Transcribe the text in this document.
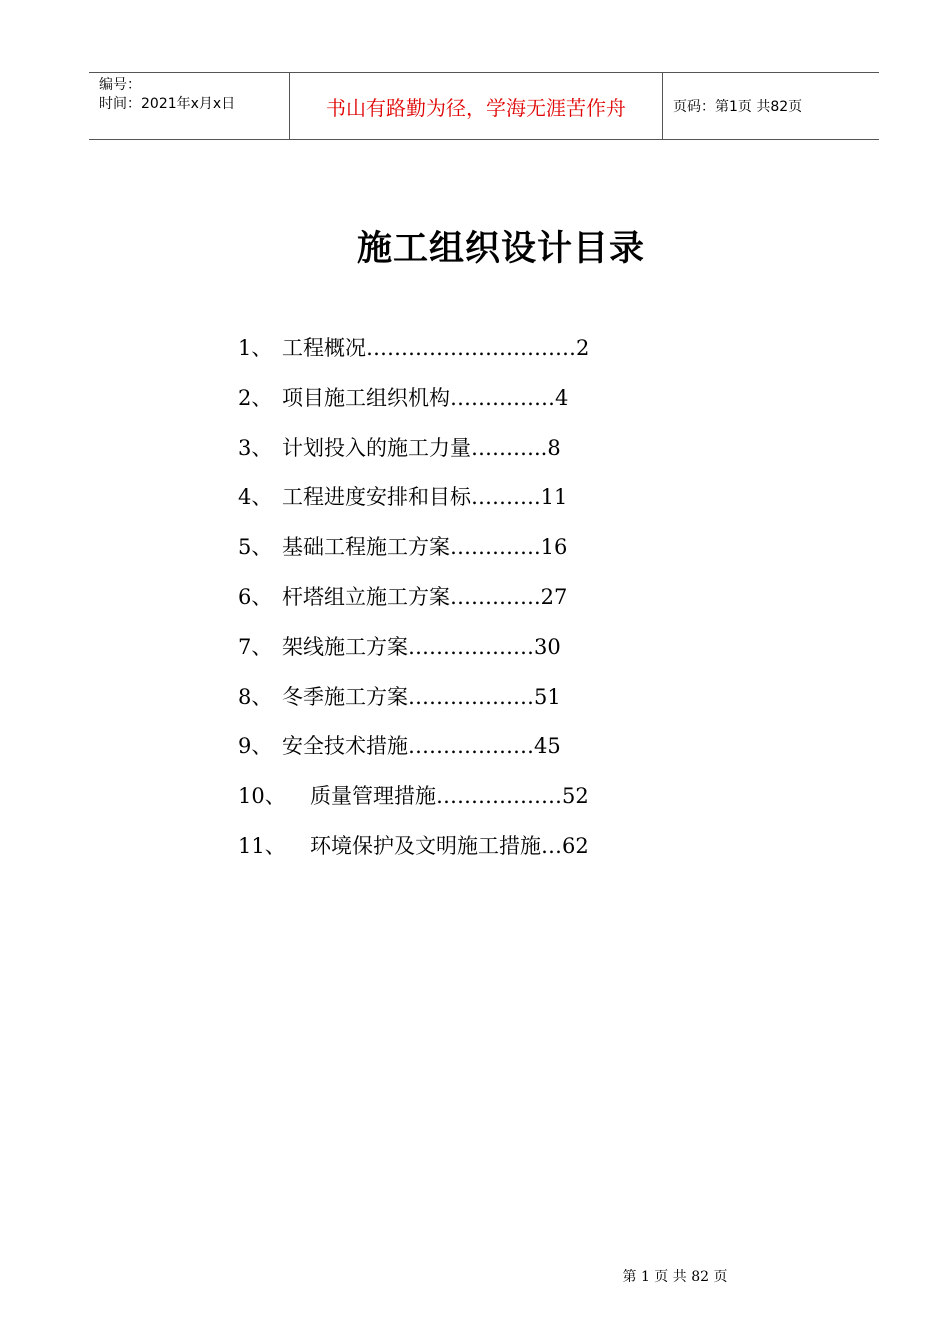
编号：
时间：2021年x月x日	书山有路勤为径，学海无涯苦作舟	页码：第1页 共82页
施工组织设计目录
1、 工程概况…………………………2
2、 项目施工组织机构……………4
3、 计划投入的施工力量………..8
4、 工程进度安排和目标……….11
5、 基础工程施工方案………….16
6、 杆塔组立施工方案………….27
7、 架线施工方案………………30
8、 冬季施工方案………………51
9、 安全技术措施………………45
10、	质量管理措施………………52
11、	环境保护及文明施工措施…62
第 1 页 共 82 页
